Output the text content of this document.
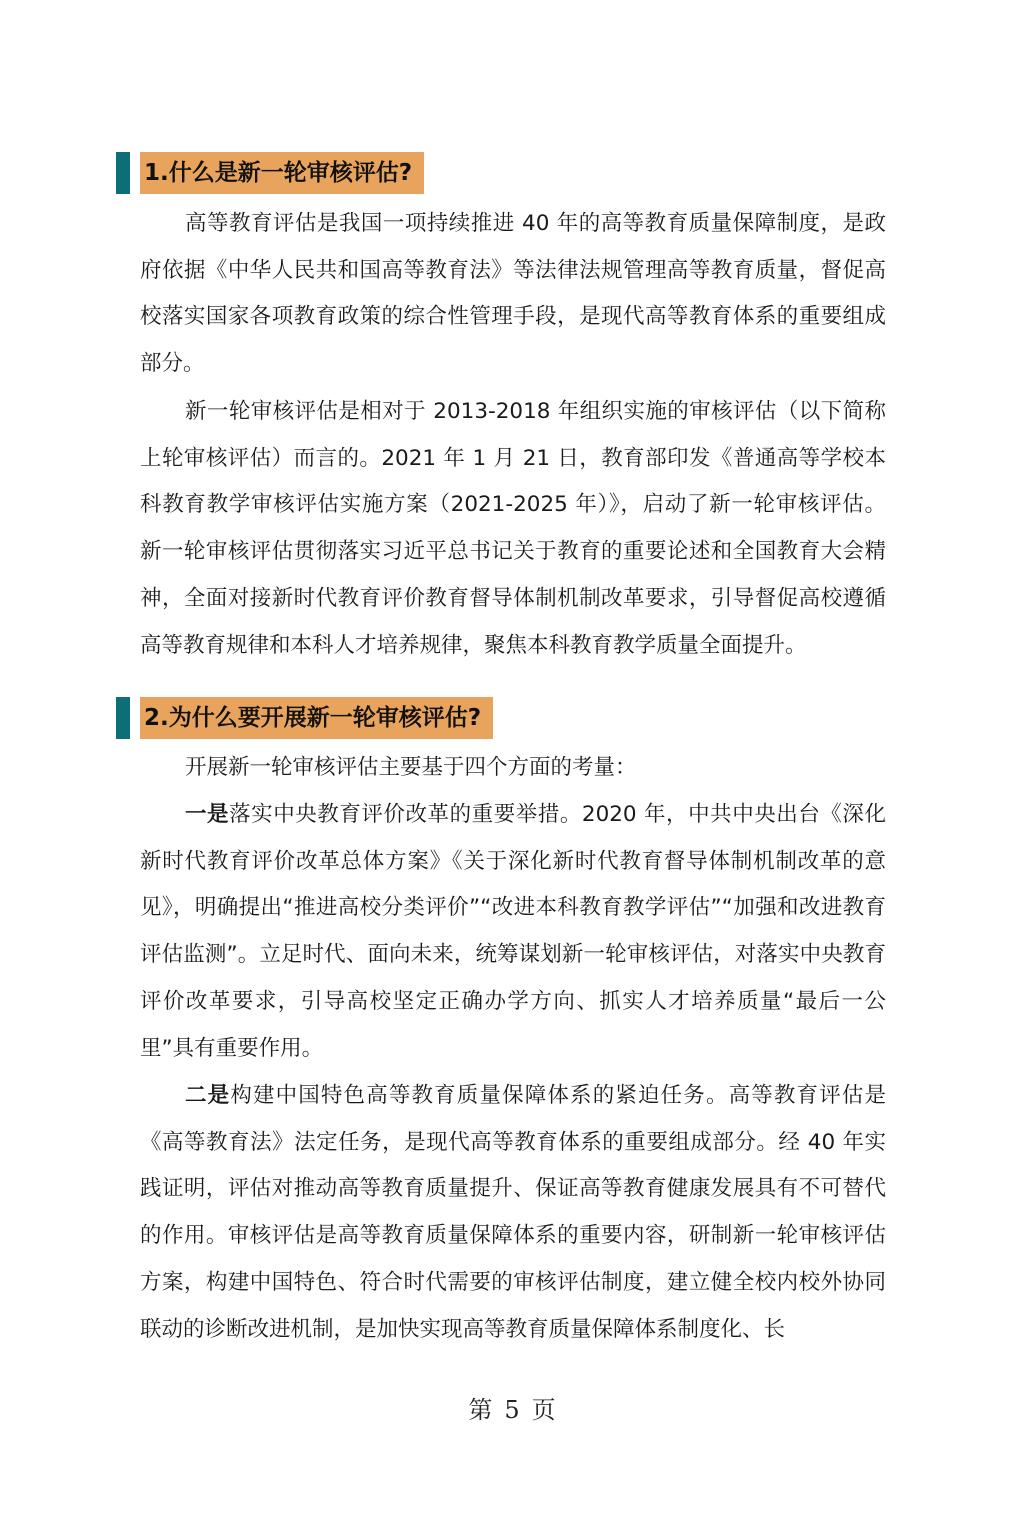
1.什么是新一轮审核评估?

高等教育评估是我国一项持续推进 40 年的高等教育质量保障制度，是政府依据《中华人民共和国高等教育法》等法律法规管理高等教育质量，督促高校落实国家各项教育政策的综合性管理手段，是现代高等教育体系的重要组成部分。

新一轮审核评估是相对于 2013-2018 年组织实施的审核评估（以下简称上轮审核评估）而言的。2021 年 1 月 21 日，教育部印发《普通高等学校本科教育教学审核评估实施方案（2021-2025 年）》，启动了新一轮审核评估。新一轮审核评估贯彻落实习近平总书记关于教育的重要论述和全国教育大会精神，全面对接新时代教育评价教育督导体制机制改革要求，引导督促高校遵循高等教育规律和本科人才培养规律，聚焦本科教育教学质量全面提升。

2.为什么要开展新一轮审核评估?

开展新一轮审核评估主要基于四个方面的考量：

一是落实中央教育评价改革的重要举措。2020 年，中共中央出台《深化新时代教育评价改革总体方案》《关于深化新时代教育督导体制机制改革的意见》，明确提出“推进高校分类评价”“改进本科教育教学评估”“加强和改进教育评估监测”。立足时代、面向未来，统筹谋划新一轮审核评估，对落实中央教育评价改革要求，引导高校坚定正确办学方向、抓实人才培养质量“最后一公里”具有重要作用。

二是构建中国特色高等教育质量保障体系的紧迫任务。高等教育评估是《高等教育法》法定任务，是现代高等教育体系的重要组成部分。经 40 年实践证明，评估对推动高等教育质量提升、保证高等教育健康发展具有不可替代的作用。审核评估是高等教育质量保障体系的重要内容，研制新一轮审核评估方案，构建中国特色、符合时代需要的审核评估制度，建立健全校内校外协同联动的诊断改进机制，是加快实现高等教育质量保障体系制度化、长

第 5 页
